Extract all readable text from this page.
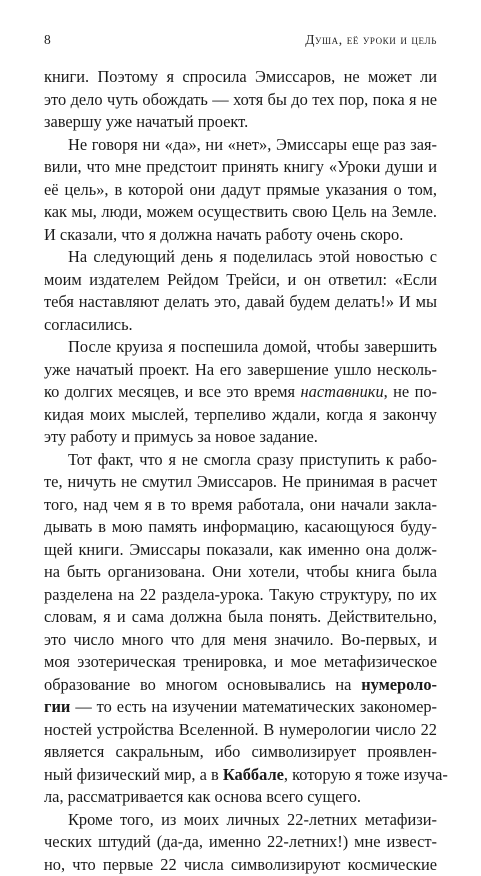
8	Душа, её уроки и цель

книги. Поэтому я спросила Эмиссаров, не может ли
это дело чуть обождать — хотя бы до тех пор, пока я не
завершу уже начатый проект.

Не говоря ни «да», ни «нет», Эмиссары еще раз зая-
вили, что мне предстоит принять книгу «Уроки души и
её цель», в которой они дадут прямые указания о том,
как мы, люди, можем осуществить свою Цель на Земле.
И сказали, что я должна начать работу очень скоро.

На следующий день я поделилась этой новостью с
моим издателем Рейдом Трейси, и он ответил: «Если
тебя наставляют делать это, давай будем делать!» И мы
согласились.

После круиза я поспешила домой, чтобы завершить
уже начатый проект. На его завершение ушло несколь-
ко долгих месяцев, и все это время наставники, не по-
кидая моих мыслей, терпеливо ждали, когда я закончу
эту работу и примусь за новое задание.

Тот факт, что я не смогла сразу приступить к рабо-
те, ничуть не смутил Эмиссаров. Не принимая в расчет
того, над чем я в то время работала, они начали закла-
дывать в мою память информацию, касающуюся буду-
щей книги. Эмиссары показали, как именно она долж-
на быть организована. Они хотели, чтобы книга была
разделена на 22 раздела-урока. Такую структуру, по их
словам, я и сама должна была понять. Действительно,
это число много что для меня значило. Во-первых, и
моя эзотерическая тренировка, и мое метафизическое
образование во многом основывались на нумероло-
гии — то есть на изучении математических закономер-
ностей устройства Вселенной. В нумерологии число 22
является сакральным, ибо символизирует проявлен-
ный физический мир, а в Каббале, которую я тоже изуча-
ла, рассматривается как основа всего сущего.

Кроме того, из моих личных 22-летних метафизи-
ческих штудий (да-да, именно 22-летних!) мне извест-
но, что первые 22 числа символизируют космические
